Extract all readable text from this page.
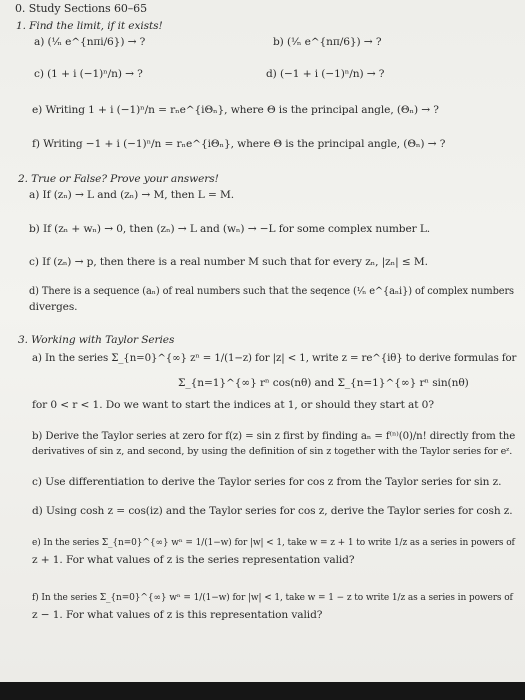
0. Study Sections 60–65
1. Find the limit, if it exists!
a) (¹⁄ₙ e^{nπi/6}) → ?	b) (¹⁄ₙ e^{nπ/6}) → ?
c) (1 + i (−1)ⁿ/n) → ?	d) (−1 + i (−1)ⁿ/n) → ?
e) Writing 1 + i (−1)ⁿ/n = rₙe^{iΘₙ}, where Θ is the principal angle, (Θₙ) → ?
f) Writing −1 + i (−1)ⁿ/n = rₙe^{iΘₙ}, where Θ is the principal angle, (Θₙ) → ?
2. True or False? Prove your answers!
a) If (zₙ) → L and (zₙ) → M, then L = M.
b) If (zₙ + wₙ) → 0, then (zₙ) → L and (wₙ) → −L for some complex number L.
c) If (zₙ) → p, then there is a real number M such that for every zₙ, |zₙ| ≤ M.
d) There is a sequence (aₙ) of real numbers such that the seqence (¹⁄ₙ e^{aₙi}) of complex numbers
diverges.
3. Working with Taylor Series
a) In the series Σ_{n=0}^{∞} zⁿ = 1/(1−z) for |z| < 1, write z = re^{iθ} to derive formulas for
Σ_{n=1}^{∞} rⁿ cos(nθ) and Σ_{n=1}^{∞} rⁿ sin(nθ)
for 0 < r < 1. Do we want to start the indices at 1, or should they start at 0?
b) Derive the Taylor series at zero for f(z) = sin z first by finding aₙ = f⁽ⁿ⁾(0)/n! directly from the
derivatives of sin z, and second, by using the definition of sin z together with the Taylor series for eᶻ.
c) Use differentiation to derive the Taylor series for cos z from the Taylor series for sin z.
d) Using cosh z = cos(iz) and the Taylor series for cos z, derive the Taylor series for cosh z.
e) In the series Σ_{n=0}^{∞} wⁿ = 1/(1−w) for |w| < 1, take w = z + 1 to write 1/z as a series in powers of
z + 1. For what values of z is the series representation valid?
f) In the series Σ_{n=0}^{∞} wⁿ = 1/(1−w) for |w| < 1, take w = 1 − z to write 1/z as a series in powers of
z − 1. For what values of z is this representation valid?
